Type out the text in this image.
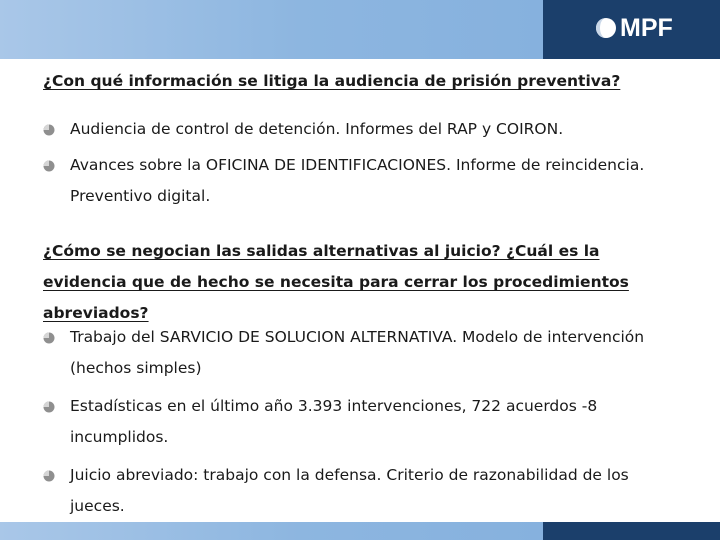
MPF

¿Con qué información se litiga la audiencia de prisión preventiva?

Audiencia de control de detención. Informes del RAP y COIRON.
Avances sobre la OFICINA DE IDENTIFICACIONES. Informe de reincidencia. Preventivo digital.

¿Cómo se negocian las salidas alternativas al juicio? ¿Cuál es la evidencia que de hecho se necesita para cerrar los procedimientos abreviados?

Trabajo del SARVICIO DE SOLUCION ALTERNATIVA. Modelo de intervención (hechos simples)
Estadísticas en el último año 3.393 intervenciones, 722 acuerdos -8 incumplidos.
Juicio abreviado: trabajo con la defensa. Criterio de razonabilidad de los jueces.
